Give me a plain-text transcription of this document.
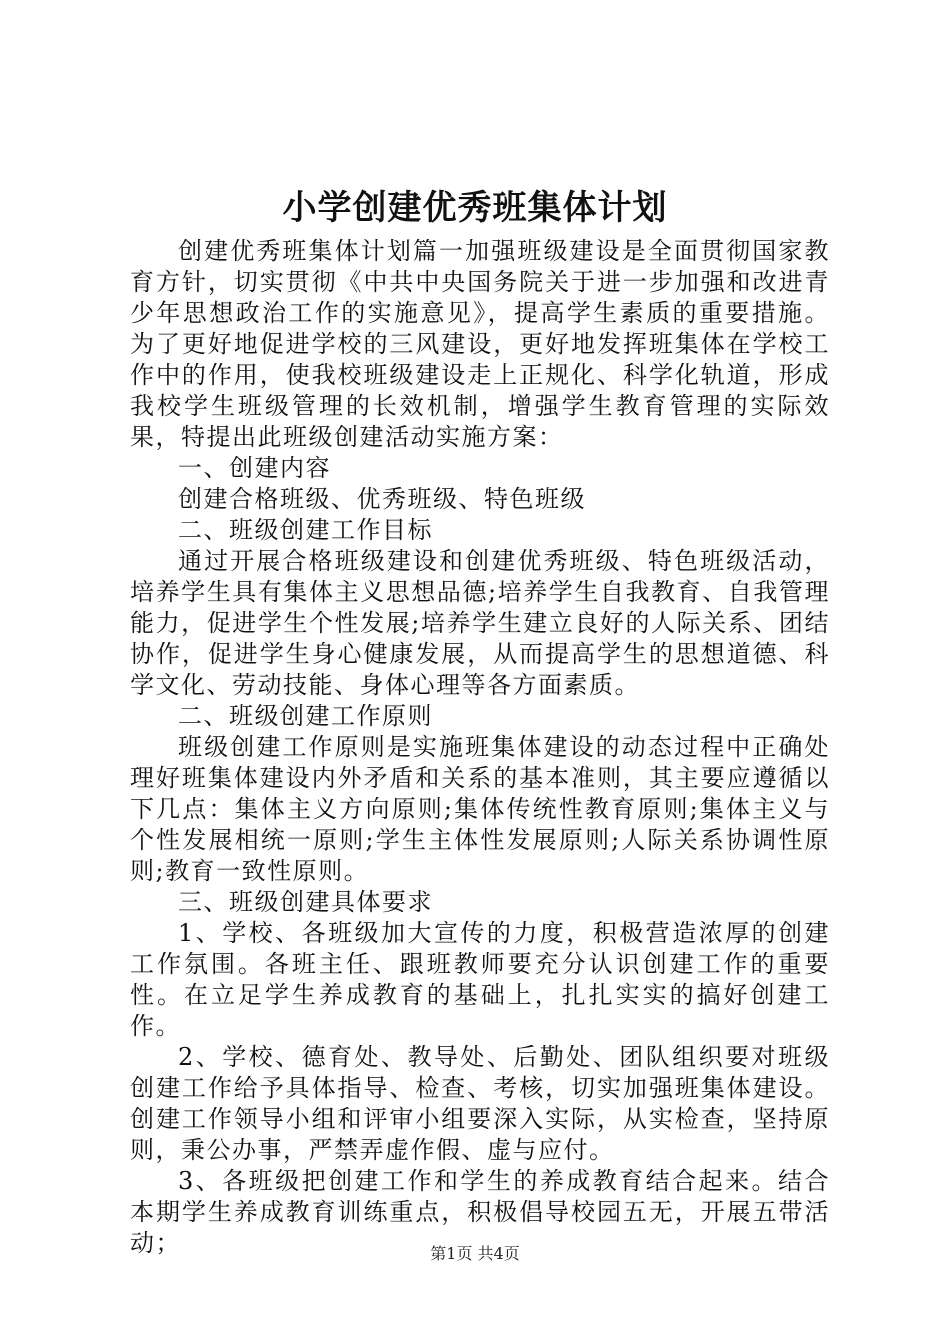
小学创建优秀班集体计划

创建优秀班集体计划篇一加强班级建设是全面贯彻国家教育方针，切实贯彻《中共中央国务院关于进一步加强和改进青少年思想政治工作的实施意见》，提高学生素质的重要措施。为了更好地促进学校的三风建设，更好地发挥班集体在学校工作中的作用，使我校班级建设走上正规化、科学化轨道，形成我校学生班级管理的长效机制，增强学生教育管理的实际效果，特提出此班级创建活动实施方案：

一、创建内容

创建合格班级、优秀班级、特色班级

二、班级创建工作目标

通过开展合格班级建设和创建优秀班级、特色班级活动，培养学生具有集体主义思想品德;培养学生自我教育、自我管理能力，促进学生个性发展;培养学生建立良好的人际关系、团结协作，促进学生身心健康发展，从而提高学生的思想道德、科学文化、劳动技能、身体心理等各方面素质。

二、班级创建工作原则

班级创建工作原则是实施班集体建设的动态过程中正确处理好班集体建设内外矛盾和关系的基本准则，其主要应遵循以下几点：集体主义方向原则;集体传统性教育原则;集体主义与个性发展相统一原则;学生主体性发展原则;人际关系协调性原则;教育一致性原则。

三、班级创建具体要求

1、学校、各班级加大宣传的力度，积极营造浓厚的创建工作氛围。各班主任、跟班教师要充分认识创建工作的重要性。在立足学生养成教育的基础上，扎扎实实的搞好创建工作。

2、学校、德育处、教导处、后勤处、团队组织要对班级创建工作给予具体指导、检查、考核，切实加强班集体建设。创建工作领导小组和评审小组要深入实际，从实检查，坚持原则，秉公办事，严禁弄虚作假、虚与应付。

3、各班级把创建工作和学生的养成教育结合起来。结合本期学生养成教育训练重点，积极倡导校园五无，开展五带活动；	第1页 共4页
